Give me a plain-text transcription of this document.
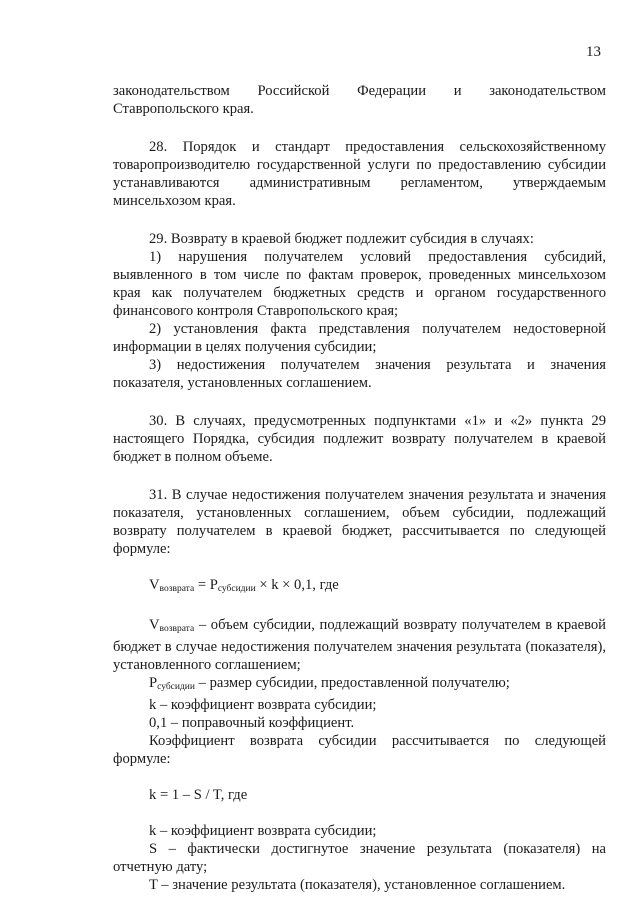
13

законодательством Российской Федерации и законодательством Ставропольского края.

28. Порядок и стандарт предоставления сельскохозяйственному товаропроизводителю государственной услуги по предоставлению субсидии устанавливаются административным регламентом, утверждаемым минсельхозом края.

29. Возврату в краевой бюджет подлежит субсидия в случаях:

1) нарушения получателем условий предоставления субсидий, выявленного в том числе по фактам проверок, проведенных минсельхозом края как получателем бюджетных средств и органом государственного финансового контроля Ставропольского края;

2) установления факта представления получателем недостоверной информации в целях получения субсидии;

3) недостижения получателем значения результата и значения показателя, установленных соглашением.

30. В случаях, предусмотренных подпунктами «1» и «2» пункта 29 настоящего Порядка, субсидия подлежит возврату получателем в краевой бюджет в полном объеме.

31. В случае недостижения получателем значения результата и значения показателя, установленных соглашением, объем субсидии, подлежащий возврату получателем в краевой бюджет, рассчитывается по следующей формуле:

$V_{возврата} = P_{субсидии} \times k \times 0,1$, где

$V_{возврата}$ – объем субсидии, подлежащий возврату получателем в краевой бюджет в случае недостижения получателем значения результата (показателя), установленного соглашением;

$P_{субсидии}$ – размер субсидии, предоставленной получателю;

k – коэффициент возврата субсидии;

0,1 – поправочный коэффициент.

Коэффициент возврата субсидии рассчитывается по следующей формуле:

k = 1 – S / T, где

k – коэффициент возврата субсидии;

S – фактически достигнутое значение результата (показателя) на отчетную дату;

T – значение результата (показателя), установленное соглашением.
